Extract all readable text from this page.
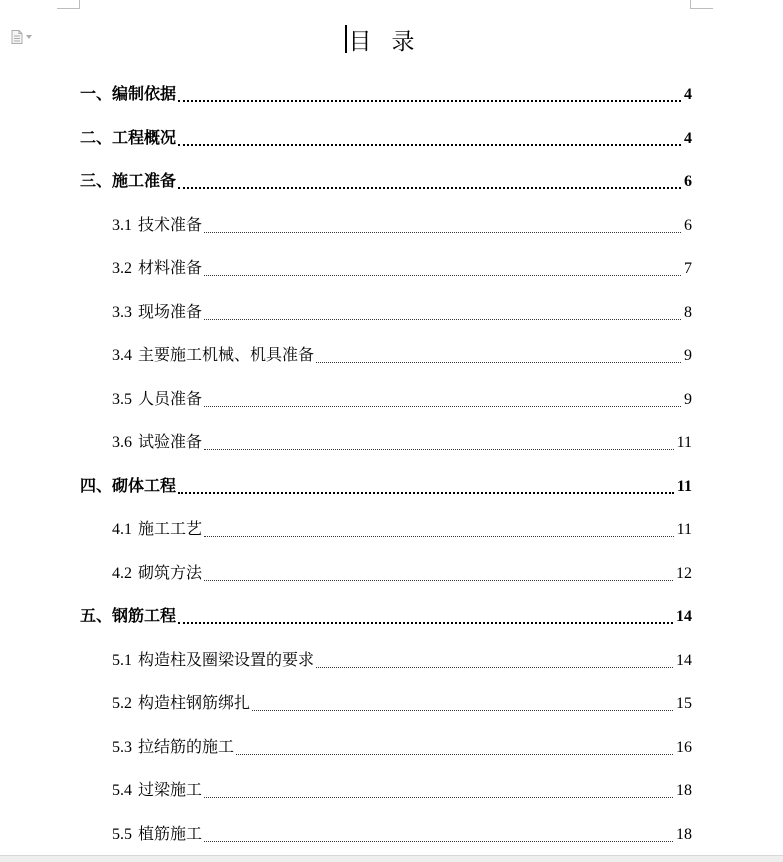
目录
一、 编制依据	4
二、 工程概况	4
三、 施工准备	6
3.1 技术准备	6
3.2 材料准备	7
3.3 现场准备	8
3.4 主要施工机械、机具准备	9
3.5 人员准备	9
3.6 试验准备	11
四、 砌体工程	11
4.1 施工工艺	11
4.2 砌筑方法	12
五、 钢筋工程	14
5.1 构造柱及圈梁设置的要求	14
5.2 构造柱钢筋绑扎	15
5.3 拉结筋的施工	16
5.4 过梁施工	18
5.5 植筋施工	18
